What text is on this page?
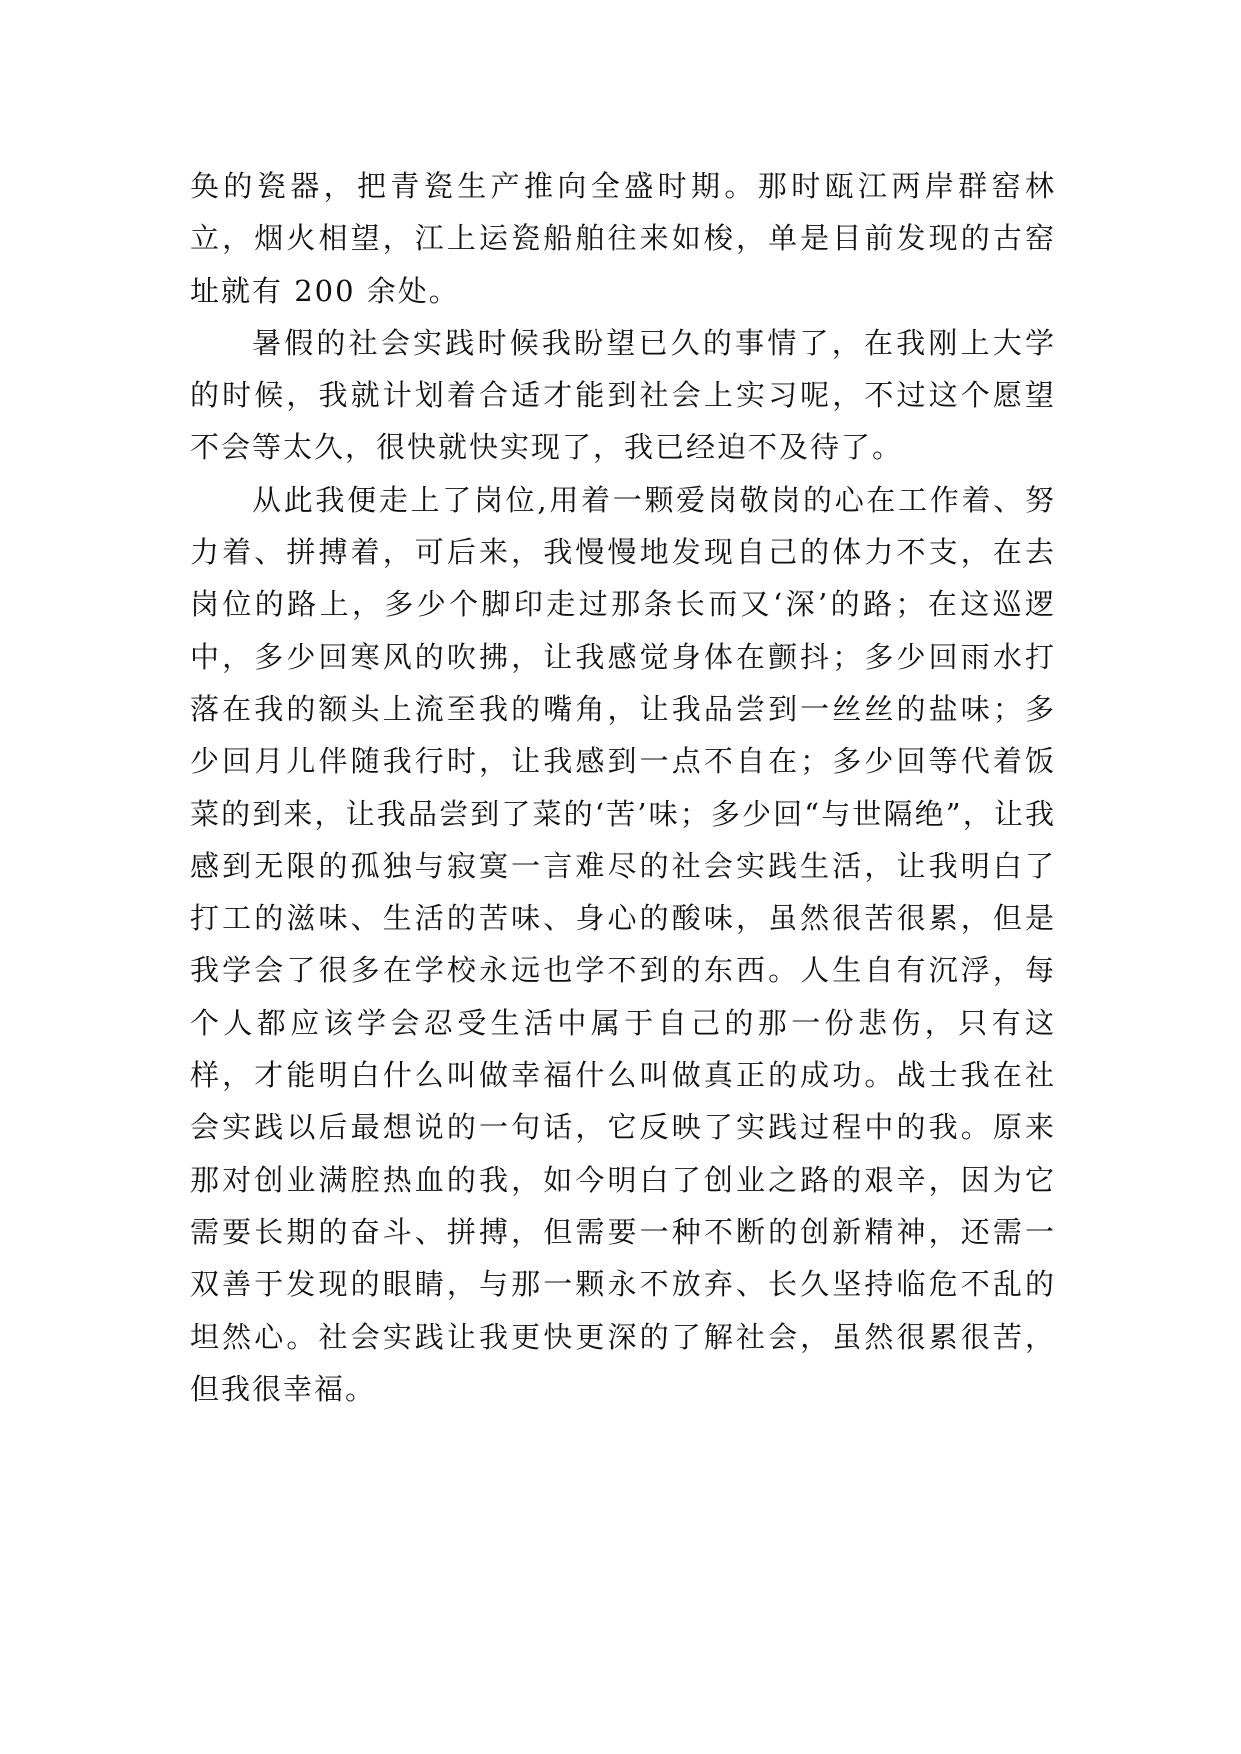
奂的瓷器，把青瓷生产推向全盛时期。那时瓯江两岸群窑林立，烟火相望，江上运瓷船舶往来如梭，单是目前发现的古窑址就有 200 余处。

暑假的社会实践时候我盼望已久的事情了，在我刚上大学的时候，我就计划着合适才能到社会上实习呢，不过这个愿望不会等太久，很快就快实现了，我已经迫不及待了。

从此我便走上了岗位,用着一颗爱岗敬岗的心在工作着、努力着、拼搏着，可后来，我慢慢地发现自己的体力不支，在去岗位的路上，多少个脚印走过那条长而又‘深’的路；在这巡逻中，多少回寒风的吹拂，让我感觉身体在颤抖；多少回雨水打落在我的额头上流至我的嘴角，让我品尝到一丝丝的盐味；多少回月儿伴随我行时，让我感到一点不自在；多少回等代着饭菜的到来，让我品尝到了菜的‘苦’味；多少回“与世隔绝”，让我感到无限的孤独与寂寞一言难尽的社会实践生活，让我明白了打工的滋味、生活的苦味、身心的酸味，虽然很苦很累，但是我学会了很多在学校永远也学不到的东西。人生自有沉浮，每个人都应该学会忍受生活中属于自己的那一份悲伤，只有这样，才能明白什么叫做幸福什么叫做真正的成功。战士我在社会实践以后最想说的一句话，它反映了实践过程中的我。原来那对创业满腔热血的我，如今明白了创业之路的艰辛，因为它需要长期的奋斗、拼搏，但需要一种不断的创新精神，还需一双善于发现的眼睛，与那一颗永不放弃、长久坚持临危不乱的坦然心。社会实践让我更快更深的了解社会，虽然很累很苦，但我很幸福。
